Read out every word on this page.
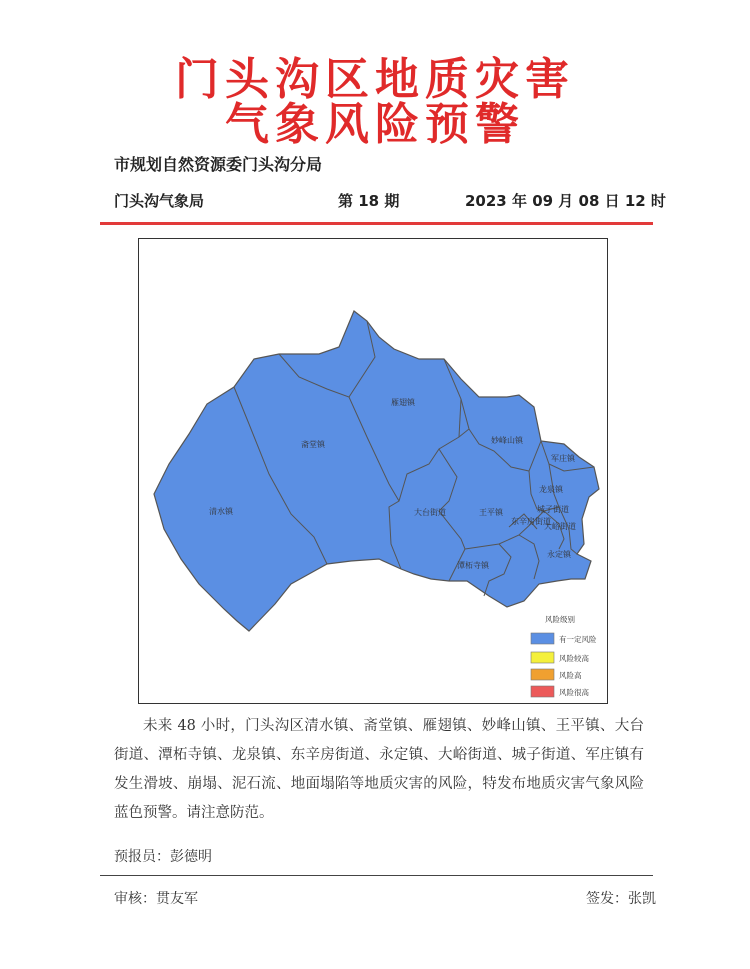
门头沟区地质灾害
气象风险预警
市规划自然资源委门头沟分局
门头沟气象局	第 18 期	2023 年 09 月 08 日 12 时
清水镇
斋堂镇
雁翅镇
妙峰山镇
军庄镇
龙泉镇
大台街道	王平镇	城子街道
东辛房街道
大峪街道
潭柘寺镇
永定镇
风险级别
有一定风险
风险较高
风险高
风险很高
未来 48 小时，门头沟区清水镇、斋堂镇、雁翅镇、妙峰山镇、王平镇、大台街道、潭柘寺镇、龙泉镇、东辛房街道、永定镇、大峪街道、城子街道、军庄镇有发生滑坡、崩塌、泥石流、地面塌陷等地质灾害的风险，特发布地质灾害气象风险蓝色预警。请注意防范。
预报员：彭德明
审核：贯友军	签发：张凯
